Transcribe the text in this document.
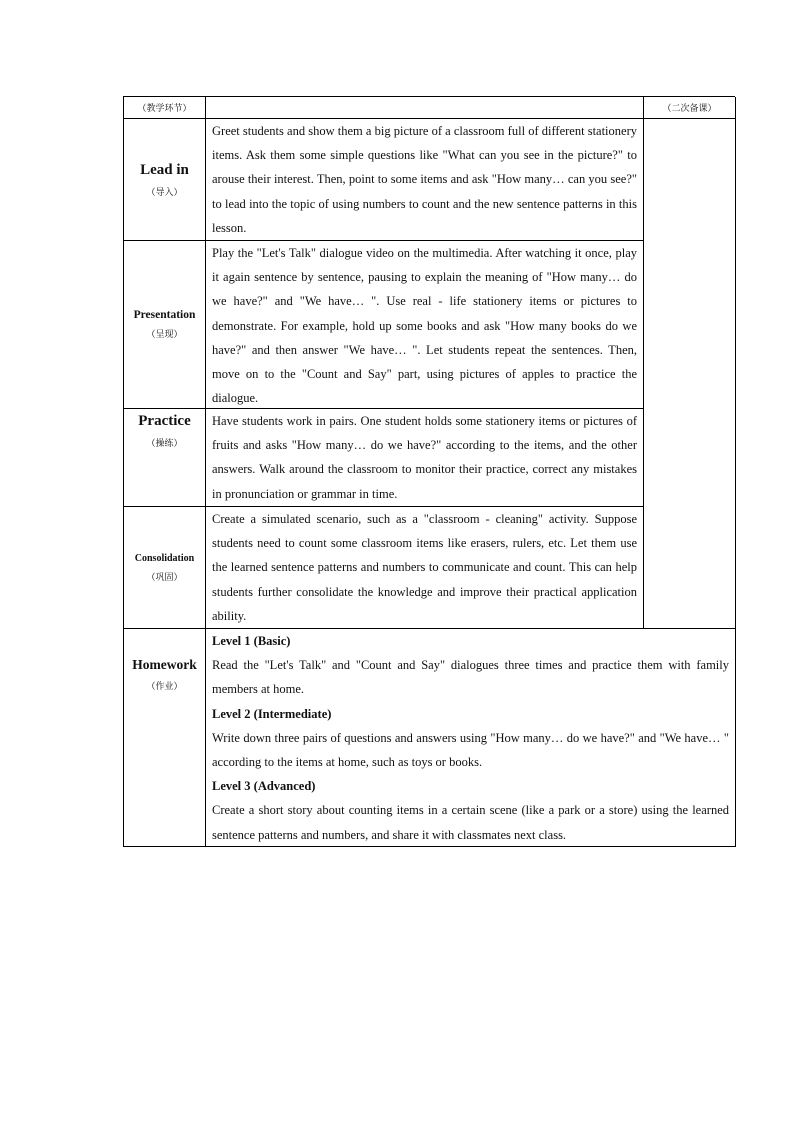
（教学环节）	（二次备课）
Lead in
（导入）
Greet students and show them a big picture of a classroom full of different stationery items. Ask them some simple questions like "What can you see in the picture?" to arouse their interest. Then, point to some items and ask "How many… can you see?" to lead into the topic of using numbers to count and the new sentence patterns in this lesson.
Presentation
（呈现）
Play the "Let's Talk" dialogue video on the multimedia. After watching it once, play it again sentence by sentence, pausing to explain the meaning of "How many… do we have?" and "We have… ". Use real - life stationery items or pictures to demonstrate. For example, hold up some books and ask "How many books do we have?" and then answer "We have… ". Let students repeat the sentences. Then, move on to the "Count and Say" part, using pictures of apples to practice the dialogue.
Practice
（操练）
Have students work in pairs. One student holds some stationery items or pictures of fruits and asks "How many… do we have?" according to the items, and the other answers. Walk around the classroom to monitor their practice, correct any mistakes in pronunciation or grammar in time.
Consolidation
（巩固）
Create a simulated scenario, such as a "classroom - cleaning" activity. Suppose students need to count some classroom items like erasers, rulers, etc. Let them use the learned sentence patterns and numbers to communicate and count. This can help students further consolidate the knowledge and improve their practical application ability.
Homework
（作业）
Level 1 (Basic)
Read the "Let's Talk" and "Count and Say" dialogues three times and practice them with family members at home.
Level 2 (Intermediate)
Write down three pairs of questions and answers using "How many… do we have?" and "We have… " according to the items at home, such as toys or books.
Level 3 (Advanced)
Create a short story about counting items in a certain scene (like a park or a store) using the learned sentence patterns and numbers, and share it with classmates next class.
